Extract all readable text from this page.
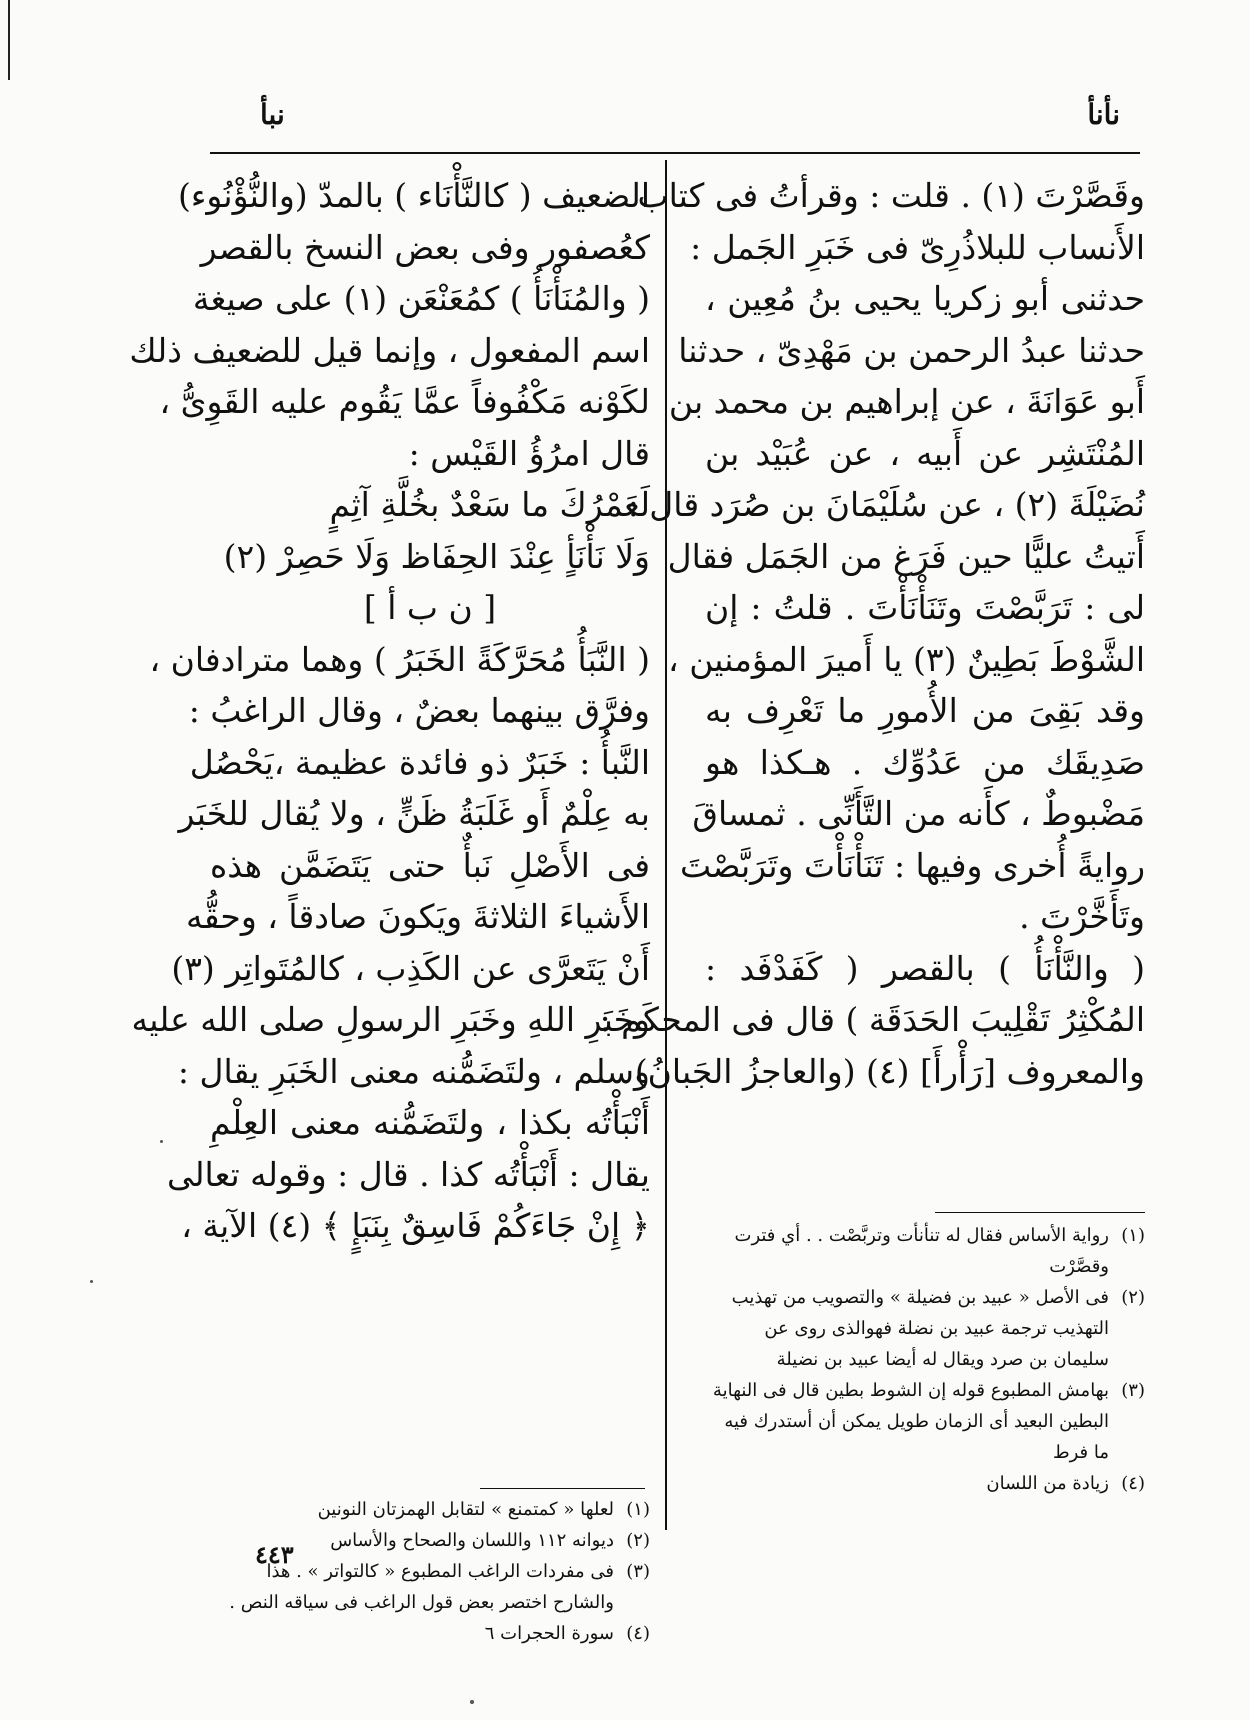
نبأ	نأنأ
وقَصَّرْتَ (١) . قلت : وقرأتُ فى كتاب
الأَنساب للبلاذُرِىّ فى خَبَرِ الجَمل :
حدثنى أبو زكريا يحيى بنُ مُعِين ،
حدثنا عبدُ الرحمن بن مَهْدِىّ ، حدثنا
أَبو عَوَانَةَ ، عن إبراهيم بن محمد بن
المُنْتَشِر عن أَبيه ، عن عُبَيْد بن
نُضَيْلَةَ (٢) ، عن سُلَيْمَانَ بن صُرَد قال :
أَتيتُ عليًّا حين فَرَغ من الجَمَل فقال
لى : تَرَبَّصْتَ وتَنَأْنَأْتَ . قلتُ : إن
الشَّوْطَ بَطِينٌ (٣) يا أَميرَ المؤمنين ،
وقد بَقِىَ من الأُمورِ ما تَعْرِف به
صَدِيقَك من عَدُوِّك . هـكذا هو
مَضْبوطٌ ، كأَنه من التَّأَنِّى . ثمساقَ
روايةً أُخرى وفيها : تَنَأْنَأْتَ وتَرَبَّصْتَ
وتَأَخَّرْتَ .
( والنَّأْنَأُ ) بالقصر ( كَفَدْفَد :
المُكْثِرُ تَقْلِيبَ الحَدَقَة ) قال فى المحكَم :
والمعروف [رَأْرأَ] (٤) (والعاجزُ الجَبانُ)
الضعيف ( كالنَّأْنَاء ) بالمدّ (والنُّؤْنُوء)
كعُصفور وفى بعض النسخ بالقصر
( والمُنَأْنَأُ ) كمُعَنْعَن (١) على صيغة
اسم المفعول ، وإنما قيل للضعيف ذلك
لكَوْنه مَكْفُوفاً عمَّا يَقُوم عليه القَوِىُّ ،
قال امرُؤُ القَيْس :
لَعَمْرُكَ ما سَعْدٌ بخُلَّةِ آثِمٍ
وَلَا نَأْنَأٍ عِنْدَ الحِفَاظ وَلَا حَصِرْ (٢)
[ ن ب أ ]
( النَّبَأُ مُحَرَّكَةً الخَبَرُ ) وهما مترادفان ،
وفرَّق بينهما بعضٌ ، وقال الراغبُ :
النَّبأُ : خَبَرٌ ذو فائدة عظيمة ،يَحْصُل
به عِلْمٌ أَو غَلَبَةُ ظَنٍّ ، ولا يُقال للخَبَر
فى الأَصْلِ نَبأٌ حتى يَتَضَمَّن هذه
الأَشياءَ الثلاثةَ ويَكونَ صادقاً ، وحقُّه
أَنْ يَتَعرَّى عن الكَذِب ، كالمُتَواتِر (٣)
وخَبَرِ اللهِ وخَبَرِ الرسولِ صلى الله عليه
وسلم ، ولتَضَمُّنه معنى الخَبَرِ يقال :
أَنْبَأْتُه بكذا ، ولتَضَمُّنه معنى العِلْمِ
يقال : أَنْبَأْتُه كذا . قال : وقوله تعالى
﴿ إِنْ جَاءَكُمْ فَاسِقٌ بِنَبَإٍ ﴾ (٤) الآية ،	(١)
رواية الأساس فقال له تنأنأت وتربَّصْت . . أي فترت وقصَّرْت
(٢)
فى الأصل « عبيد بن فضيلة » والتصويب من تهذيب التهذيب ترجمة عبيد بن نضلة فهوالذى روى عن سليمان بن صرد ويقال له أيضا عبيد بن نضيلة
(٣)
بهامش المطبوع قوله إن الشوط بطين قال فى النهاية البطين البعيد أى الزمان طويل يمكن أن أستدرك فيه ما فرط
(٤)
زيادة من اللسان
(١)
لعلها « كمتمنع » لتقابل الهمزتان النونين
(٢)
ديوانه ١١٢ واللسان والصحاح والأساس
(٣)
فى مفردات الراغب المطبوع « كالتواتر » . هذا والشارح اختصر بعض قول الراغب فى سياقه النص .
(٤)
سورة الحجرات ٦
٤٤٣
